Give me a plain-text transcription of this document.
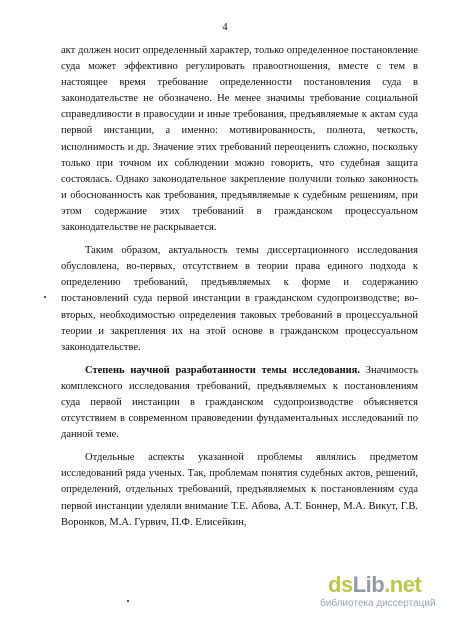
4

акт должен носит определенный характер, только определенное постановление суда может эффективно регулировать правоотношения, вместе с тем в настоящее время требование определенности постановления суда в законодательстве не обозначено. Не менее значимы требование социальной справедливости в правосудии и иные требования, предъявляемые к актам суда первой инстанции, а именно: мотивированность, полнота, четкость, исполнимость и др. Значение этих требований переоценить сложно, поскольку только при точном их соблюдении можно говорить, что судебная защита состоялась. Однако законодательное закрепление получили только законность и обоснованность как требования, предъявляемые к судебным решениям, при этом содержание этих требований в гражданском процессуальном законодательстве не раскрывается.

Таким образом, актуальность темы диссертационного исследования обусловлена, во-первых, отсутствием в теории права единого подхода к определению требований, предъявляемых к форме и содержанию постановлений суда первой инстанции в гражданском судопроизводстве; во-вторых, необходимостью определения таковых требований в процессуальной теории и закрепления их на этой основе в гражданском процессуальном законодательстве.

Степень научной разработанности темы исследования. Значимость комплексного исследования требований, предъявляемых к постановлениям суда первой инстанции в гражданском судопроизводстве объясняется отсутствием в современном правоведении фундаментальных исследований по данной теме.

Отдельные аспекты указанной проблемы являлись предметом исследований ряда ученых. Так, проблемам понятия судебных актов, решений, определений, отдельных требований, предъявляемых к постановлениям суда первой инстанции уделяли внимание Т.Е. Абова, А.Т. Боннер, М.А. Викут, Г.В. Воронков, М.А. Гурвич, П.Ф. Елисейкин,

dsLib.net
библиотека диссертаций
